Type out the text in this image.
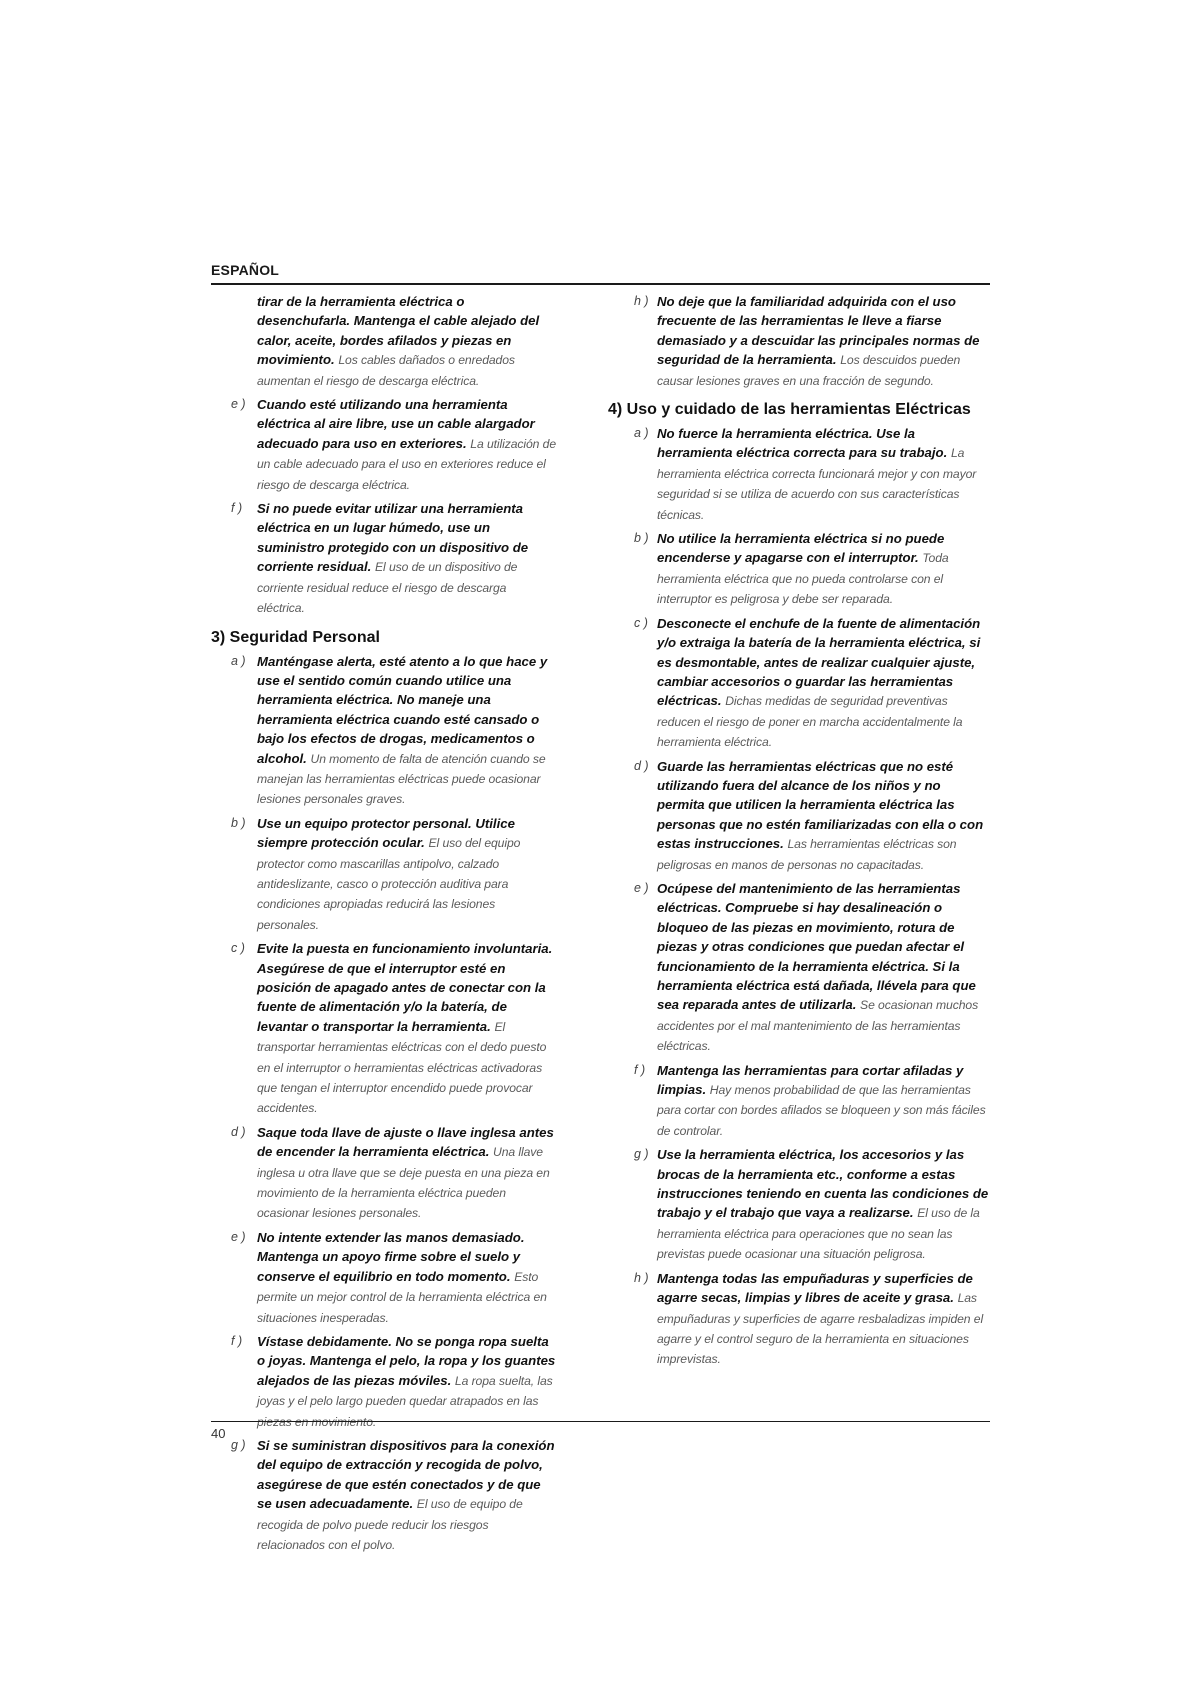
ESPAÑOL
tirar de la herramienta eléctrica o desenchufarla. Mantenga el cable alejado del calor, aceite, bordes afilados y piezas en movimiento. Los cables dañados o enredados aumentan el riesgo de descarga eléctrica.
e ) Cuando esté utilizando una herramienta eléctrica al aire libre, use un cable alargador adecuado para uso en exteriores. La utilización de un cable adecuado para el uso en exteriores reduce el riesgo de descarga eléctrica.
f ) Si no puede evitar utilizar una herramienta eléctrica en un lugar húmedo, use un suministro protegido con un dispositivo de corriente residual. El uso de un dispositivo de corriente residual reduce el riesgo de descarga eléctrica.
3) Seguridad Personal
a ) Manténgase alerta, esté atento a lo que hace y use el sentido común cuando utilice una herramienta eléctrica. No maneje una herramienta eléctrica cuando esté cansado o bajo los efectos de drogas, medicamentos o alcohol. Un momento de falta de atención cuando se manejan las herramientas eléctricas puede ocasionar lesiones personales graves.
b ) Use un equipo protector personal. Utilice siempre protección ocular. El uso del equipo protector como mascarillas antipolvo, calzado antideslizante, casco o protección auditiva para condiciones apropiadas reducirá las lesiones personales.
c ) Evite la puesta en funcionamiento involuntaria. Asegúrese de que el interruptor esté en posición de apagado antes de conectar con la fuente de alimentación y/o la batería, de levantar o transportar la herramienta. El transportar herramientas eléctricas con el dedo puesto en el interruptor o herramientas eléctricas activadoras que tengan el interruptor encendido puede provocar accidentes.
d ) Saque toda llave de ajuste o llave inglesa antes de encender la herramienta eléctrica. Una llave inglesa u otra llave que se deje puesta en una pieza en movimiento de la herramienta eléctrica pueden ocasionar lesiones personales.
e ) No intente extender las manos demasiado. Mantenga un apoyo firme sobre el suelo y conserve el equilibrio en todo momento. Esto permite un mejor control de la herramienta eléctrica en situaciones inesperadas.
f ) Vístase debidamente. No se ponga ropa suelta o joyas. Mantenga el pelo, la ropa y los guantes alejados de las piezas móviles. La ropa suelta, las joyas y el pelo largo pueden quedar atrapados en las piezas en movimiento.
g ) Si se suministran dispositivos para la conexión del equipo de extracción y recogida de polvo, asegúrese de que estén conectados y de que se usen adecuadamente. El uso de equipo de recogida de polvo puede reducir los riesgos relacionados con el polvo.
h ) No deje que la familiaridad adquirida con el uso frecuente de las herramientas le lleve a fiarse demasiado y a descuidar las principales normas de seguridad de la herramienta. Los descuidos pueden causar lesiones graves en una fracción de segundo.
4) Uso y cuidado de las herramientas Eléctricas
a ) No fuerce la herramienta eléctrica. Use la herramienta eléctrica correcta para su trabajo. La herramienta eléctrica correcta funcionará mejor y con mayor seguridad si se utiliza de acuerdo con sus características técnicas.
b ) No utilice la herramienta eléctrica si no puede encenderse y apagarse con el interruptor. Toda herramienta eléctrica que no pueda controlarse con el interruptor es peligrosa y debe ser reparada.
c ) Desconecte el enchufe de la fuente de alimentación y/o extraiga la batería de la herramienta eléctrica, si es desmontable, antes de realizar cualquier ajuste, cambiar accesorios o guardar las herramientas eléctricas. Dichas medidas de seguridad preventivas reducen el riesgo de poner en marcha accidentalmente la herramienta eléctrica.
d ) Guarde las herramientas eléctricas que no esté utilizando fuera del alcance de los niños y no permita que utilicen la herramienta eléctrica las personas que no estén familiarizadas con ella o con estas instrucciones. Las herramientas eléctricas son peligrosas en manos de personas no capacitadas.
e ) Ocúpese del mantenimiento de las herramientas eléctricas. Compruebe si hay desalineación o bloqueo de las piezas en movimiento, rotura de piezas y otras condiciones que puedan afectar el funcionamiento de la herramienta eléctrica. Si la herramienta eléctrica está dañada, llévela para que sea reparada antes de utilizarla. Se ocasionan muchos accidentes por el mal mantenimiento de las herramientas eléctricas.
f ) Mantenga las herramientas para cortar afiladas y limpias. Hay menos probabilidad de que las herramientas para cortar con bordes afilados se bloqueen y son más fáciles de controlar.
g ) Use la herramienta eléctrica, los accesorios y las brocas de la herramienta etc., conforme a estas instrucciones teniendo en cuenta las condiciones de trabajo y el trabajo que vaya a realizarse. El uso de la herramienta eléctrica para operaciones que no sean las previstas puede ocasionar una situación peligrosa.
h ) Mantenga todas las empuñaduras y superficies de agarre secas, limpias y libres de aceite y grasa. Las empuñaduras y superficies de agarre resbaladizas impiden el agarre y el control seguro de la herramienta en situaciones imprevistas.
40
